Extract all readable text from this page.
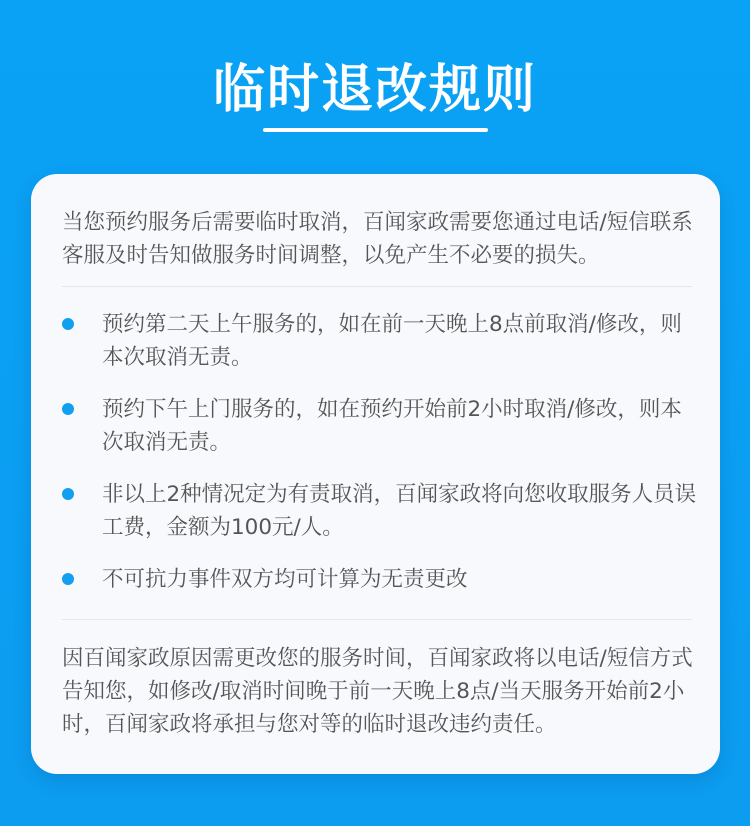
临时退改规则

当您预约服务后需要临时取消，百闻家政需要您通过电话/短信联系客服及时告知做服务时间调整，以免产生不必要的损失。

预约第二天上午服务的，如在前一天晚上8点前取消/修改，则本次取消无责。
预约下午上门服务的，如在预约开始前2小时取消/修改，则本次取消无责。
非以上2种情况定为有责取消，百闻家政将向您收取服务人员误工费，金额为100元/人。
不可抗力事件双方均可计算为无责更改

因百闻家政原因需更改您的服务时间，百闻家政将以电话/短信方式告知您，如修改/取消时间晚于前一天晚上8点/当天服务开始前2小时，百闻家政将承担与您对等的临时退改违约责任。
